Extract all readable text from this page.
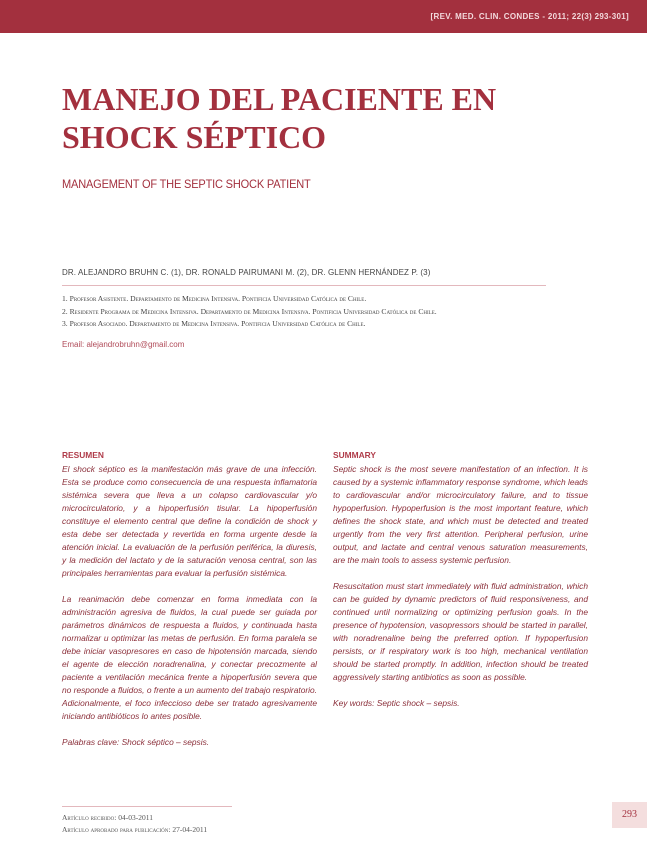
[REV. MED. CLIN. CONDES - 2011; 22(3) 293-301]
MANEJO DEL PACIENTE EN
SHOCK SÉPTICO
MANAGEMENT OF THE SEPTIC SHOCK PATIENT
DR. ALEJANDRO BRUHN C. (1), DR. RONALD PAIRUMANI M. (2), DR. GLENN HERNÁNDEZ P. (3)
1. Profesor Asistente. Departamento de Medicina Intensiva. Pontificia Universidad Católica de Chile.
2. Residente Programa de Medicina Intensiva. Departamento de Medicina Intensiva. Pontificia Universidad Católica de Chile.
3. Profesor Asociado. Departamento de Medicina Intensiva. Pontificia Universidad Católica de Chile.
Email: alejandrobruhn@gmail.com
RESUMEN

El shock séptico es la manifestación más grave de una infección. Esta se produce como consecuencia de una respuesta inflamatoria sistémica severa que lleva a un colapso cardiovascular y/o microcirculatorio, y a hipoperfusión tisular. La hipoperfusión constituye el elemento central que define la condición de shock y esta debe ser detectada y revertida en forma urgente desde la atención inicial. La evaluación de la perfusión periférica, la diuresis, y la medición del lactato y de la saturación venosa central, son las principales herramientas para evaluar la perfusión sistémica.

La reanimación debe comenzar en forma inmediata con la administración agresiva de fluidos, la cual puede ser guiada por parámetros dinámicos de respuesta a fluidos, y continuada hasta normalizar u optimizar las metas de perfusión. En forma paralela se debe iniciar vasopresores en caso de hipotensión marcada, siendo el agente de elección noradrenalina, y conectar precozmente al paciente a ventilación mecánica frente a hipoperfusión severa que no responde a fluidos, o frente a un aumento del trabajo respiratorio. Adicionalmente, el foco infeccioso debe ser tratado agresivamente iniciando antibióticos lo antes posible.

Palabras clave: Shock séptico – sepsis.

SUMMARY

Septic shock is the most severe manifestation of an infection. It is caused by a systemic inflammatory response syndrome, which leads to cardiovascular and/or microcirculatory failure, and to tissue hypoperfusion. Hypoperfusion is the most important feature, which defines the shock state, and which must be detected and treated urgently from the very first attention. Peripheral perfusion, urine output, and lactate and central venous saturation measurements, are the main tools to assess systemic perfusion.

Resuscitation must start immediately with fluid administration, which can be guided by dynamic predictors of fluid responsiveness, and continued until normalizing or optimizing perfusion goals. In the presence of hypotension, vasopressors should be started in parallel, with noradrenaline being the preferred option. If hypoperfusion persists, or if respiratory work is too high, mechanical ventilation should be started promptly. In addition, infection should be treated aggressively starting antibiotics as soon as possible.

Key words: Septic shock – sepsis.

Artículo recibido: 04-03-2011
Artículo aprobado para publicación: 27-04-2011
293
